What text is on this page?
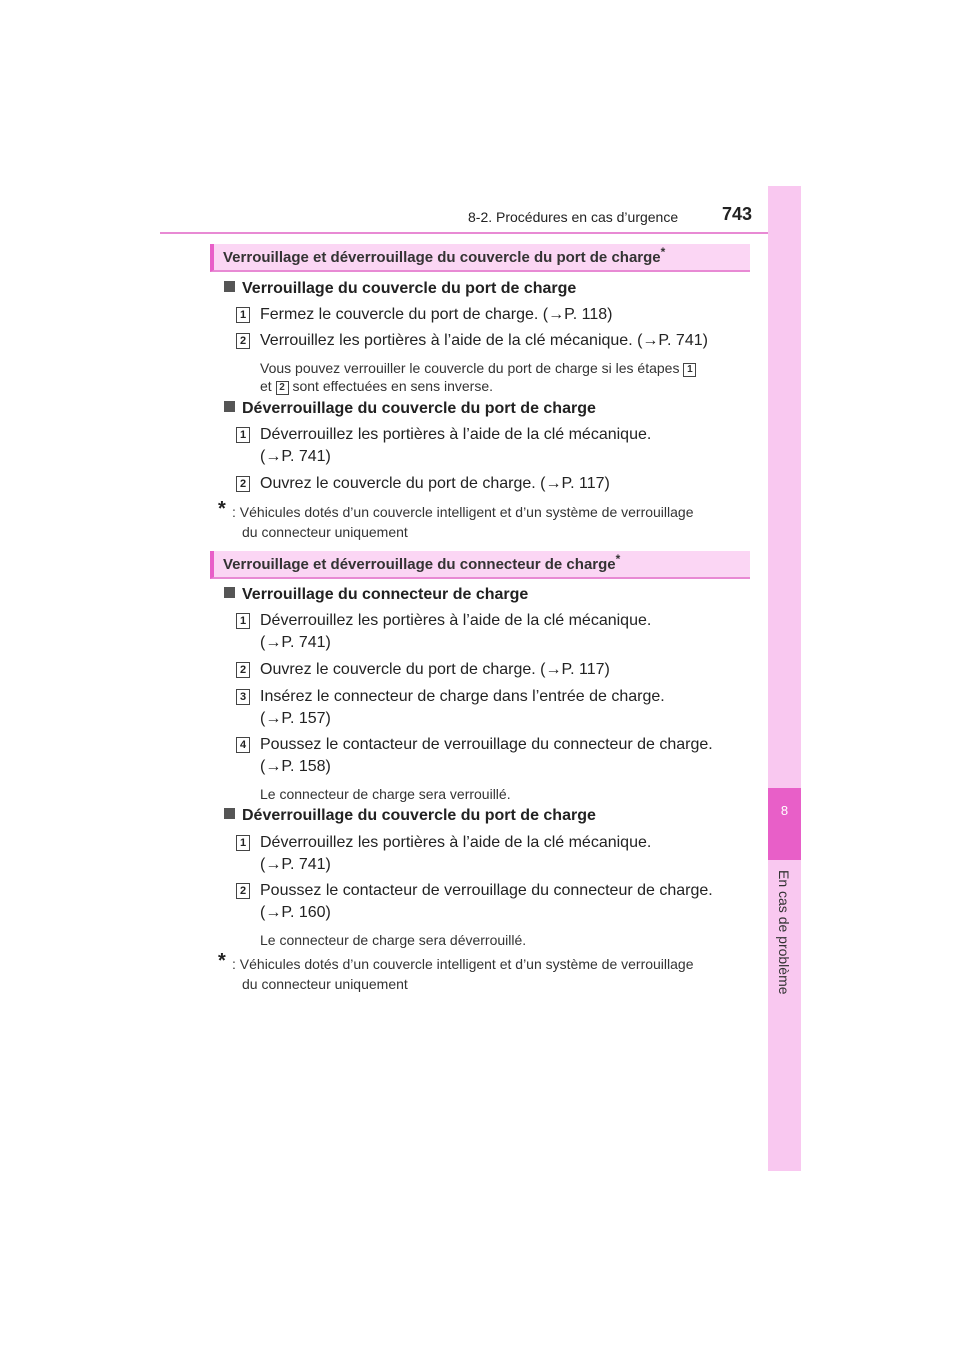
8-2. Procédures en cas d’urgence 743
8
En cas de problème
Verrouillage et déverrouillage du couvercle du port de charge*
Verrouillage du couvercle du port de charge
1 Fermez le couvercle du port de charge. (→P. 118)
2 Verrouillez les portières à l’aide de la clé mécanique. (→P. 741)
Vous pouvez verrouiller le couvercle du port de charge si les étapes 1
et 2 sont effectuées en sens inverse.
Déverrouillage du couvercle du port de charge
1 Déverrouillez les portières à l’aide de la clé mécanique.
(→P. 741)
2 Ouvrez le couvercle du port de charge. (→P. 117)
* : Véhicules dotés d’un couvercle intelligent et d’un système de verrouillage
du connecteur uniquement
Verrouillage et déverrouillage du connecteur de charge*
Verrouillage du connecteur de charge
1 Déverrouillez les portières à l’aide de la clé mécanique.
(→P. 741)
2 Ouvrez le couvercle du port de charge. (→P. 117)
3 Insérez le connecteur de charge dans l’entrée de charge.
(→P. 157)
4 Poussez le contacteur de verrouillage du connecteur de charge.
(→P. 158)
Le connecteur de charge sera verrouillé.
Déverrouillage du couvercle du port de charge
1 Déverrouillez les portières à l’aide de la clé mécanique.
(→P. 741)
2 Poussez le contacteur de verrouillage du connecteur de charge.
(→P. 160)
Le connecteur de charge sera déverrouillé.
* : Véhicules dotés d’un couvercle intelligent et d’un système de verrouillage
du connecteur uniquement
